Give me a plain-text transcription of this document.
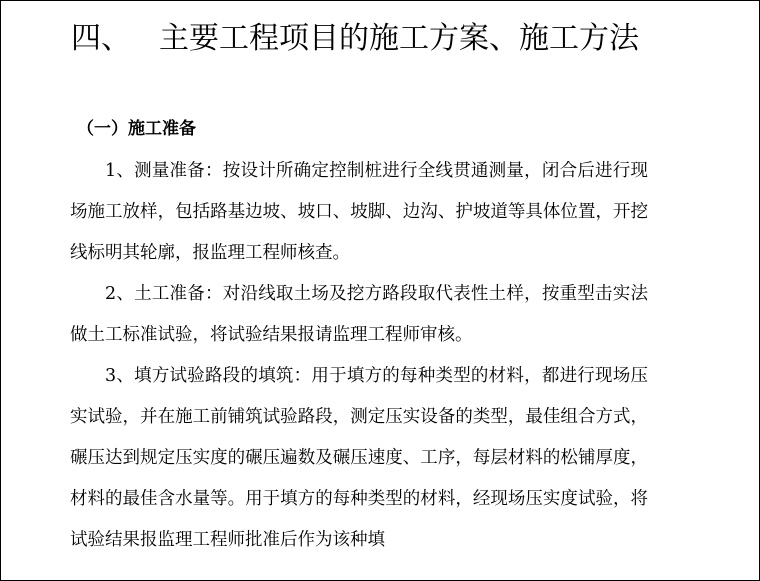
四、 主要工程项目的施工方案、施工方法
（一）施工准备

1、测量准备：按设计所确定控制桩进行全线贯通测量，闭合后进行现场施工放样，包括路基边坡、坡口、坡脚、边沟、护坡道等具体位置，开挖线标明其轮廓，报监理工程师核查。

2、土工准备：对沿线取土场及挖方路段取代表性土样，按重型击实法做土工标准试验，将试验结果报请监理工程师审核。

3、填方试验路段的填筑：用于填方的每种类型的材料，都进行现场压实试验，并在施工前铺筑试验路段，测定压实设备的类型，最佳组合方式，碾压达到规定压实度的碾压遍数及碾压速度、工序，每层材料的松铺厚度，材料的最佳含水量等。用于填方的每种类型的材料，经现场压实度试验，将试验结果报监理工程师批准后作为该种填
